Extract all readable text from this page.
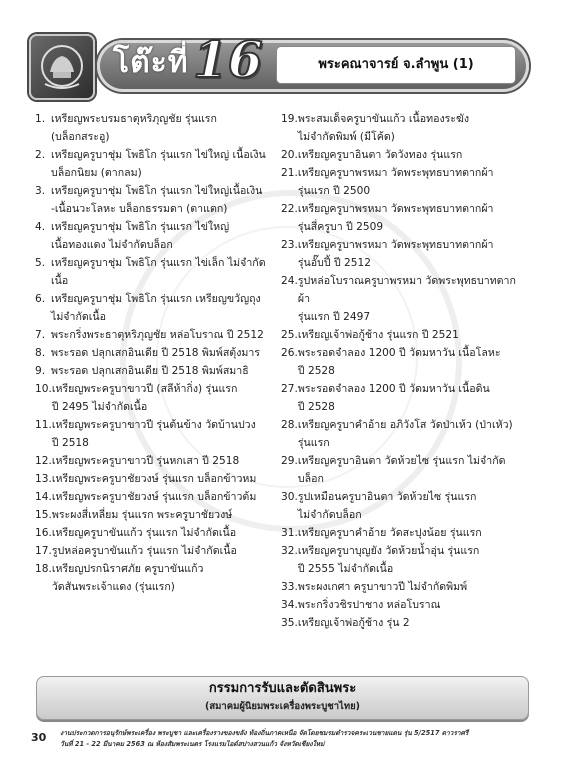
โต๊ะที่ 16	พระคณาจารย์ จ.ลำพูน (1)
1. เหรียญพระบรมธาตุหริภุญชัย รุ่นแรก
(บล็อกสระอู)
2. เหรียญครูบาชุ่ม โพธิโก รุ่นแรก ไข่ใหญ่ เนื้อเงิน
บล็อกนิยม (ตากลม)
3. เหรียญครูบาชุ่ม โพธิโก รุ่นแรก ไข่ใหญ่เนื้อเงิน
-เนื้อนวะโลหะ บล็อกธรรมดา (ตาแตก)
4. เหรียญครูบาชุ่ม โพธิโก รุ่นแรก ไข่ใหญ่
เนื้อทองแดง ไม่จำกัดบล็อก
5. เหรียญครูบาชุ่ม โพธิโก รุ่นแรก ไข่เล็ก ไม่จำกัดเนื้อ
6. เหรียญครูบาชุ่ม โพธิโก รุ่นแรก เหรียญขวัญถุง
ไม่จำกัดเนื้อ
7. พระกริ่งพระธาตุหริภุญชัย หล่อโบราณ ปี 2512
8. พระรอด ปลุกเสกอินเดีย ปี 2518 พิมพ์สตุ้งมาร
9. พระรอด ปลุกเสกอินเดีย ปี 2518 พิมพ์สมาธิ
10. เหรียญพระครูบาขาวปี (สลีห้ากิ่ง) รุ่นแรก
ปี 2495 ไม่จำกัดเนื้อ
11. เหรียญพระครูบาขาวปี รุ่นต้นข้าง วัดบ้านปวง
ปี 2518
12. เหรียญพระครูบาขาวปี รุ่นหกเสา ปี 2518
13. เหรียญพระครูบาชัยวงษ์ รุ่นแรก บล็อกข้าวหม
14. เหรียญพระครูบาชัยวงษ์ รุ่นแรก บล็อกข้าวต้ม
15. พระผงสี่เหลี่ยม รุ่นแรก พระครูบาชัยวงษ์
16. เหรียญครูบาขันแก้ว รุ่นแรก ไม่จำกัดเนื้อ
17. รูปหล่อครูบาขันแก้ว รุ่นแรก ไม่จำกัดเนื้อ
18. เหรียญปรกนิราศภัย ครูบาขันแก้ว
วัดสันพระเจ้าแดง (รุ่นแรก)
19. พระสมเด็จครูบาขันแก้ว เนื้อทองระฆัง
ไม่จำกัดพิมพ์ (มีโค้ด)
20. เหรียญครูบาอินตา วัดวังทอง รุ่นแรก
21. เหรียญครูบาพรหมา วัดพระพุทธบาทตากผ้า
รุ่นแรก ปี 2500
22. เหรียญครูบาพรหมา วัดพระพุทธบาทตากผ้า
รุ่นสี่ครูบา ปี 2509
23. เหรียญครูบาพรหมา วัดพระพุทธบาทตากผ้า
รุ่นอั๊บปี้ ปี 2512
24. รูปหล่อโบราณครูบาพรหมา วัดพระพุทธบาทตากผ้า
รุ่นแรก ปี 2497
25. เหรียญเจ้าพ่อกู้ช้าง รุ่นแรก ปี 2521
26. พระรอดจำลอง 1200 ปี วัดมหาวัน เนื้อโลหะ
ปี 2528
27. พระรอดจำลอง 1200 ปี วัดมหาวัน เนื้อดิน
ปี 2528
28. เหรียญครูบาคำอ้าย อภิวังโส วัดป่าเห้ว (ป่าเหัว)
รุ่นแรก
29. เหรียญครูบาอินตา วัดห้วยไซ รุ่นแรก ไม่จำกัดบล็อก
30. รูปเหมือนครูบาอินตา วัดห้วยไซ รุ่นแรก
ไม่จำกัดบล็อก
31. เหรียญครูบาคำอ้าย วัดสะปุงน้อย รุ่นแรก
32. เหรียญครูบาบุญยัง วัดห้วยน้ำอุ่น รุ่นแรก
ปี 2555 ไม่จำกัดเนื้อ
33. พระผงเกศา ครูบาขาวปี ไม่จำกัดพิมพ์
34. พระกริ่งวชิรปาชาง หล่อโบราณ
35. เหรียญเจ้าพ่อกู้ช้าง รุ่น 2
กรรมการรับและตัดสินพระ
(สมาคมผู้นิยมพระเครื่องพระบูชาไทย)
30 งานประกวดการอนุรักษ์พระเครื่อง พระบูชา และเครื่องรางของขลัง ท้องถิ่นภาคเหนือ จัดโดยชมรมตำรวจคระเวนชายแดน รุ่น 5/2517 ดาวราศรี
วันที่ 21 - 22 มีนาคม 2563 ณ ห้องสัมพระเนตร โรงแรมไอด์สปางสวนแก้ว จังหวัดเชียงใหม่
